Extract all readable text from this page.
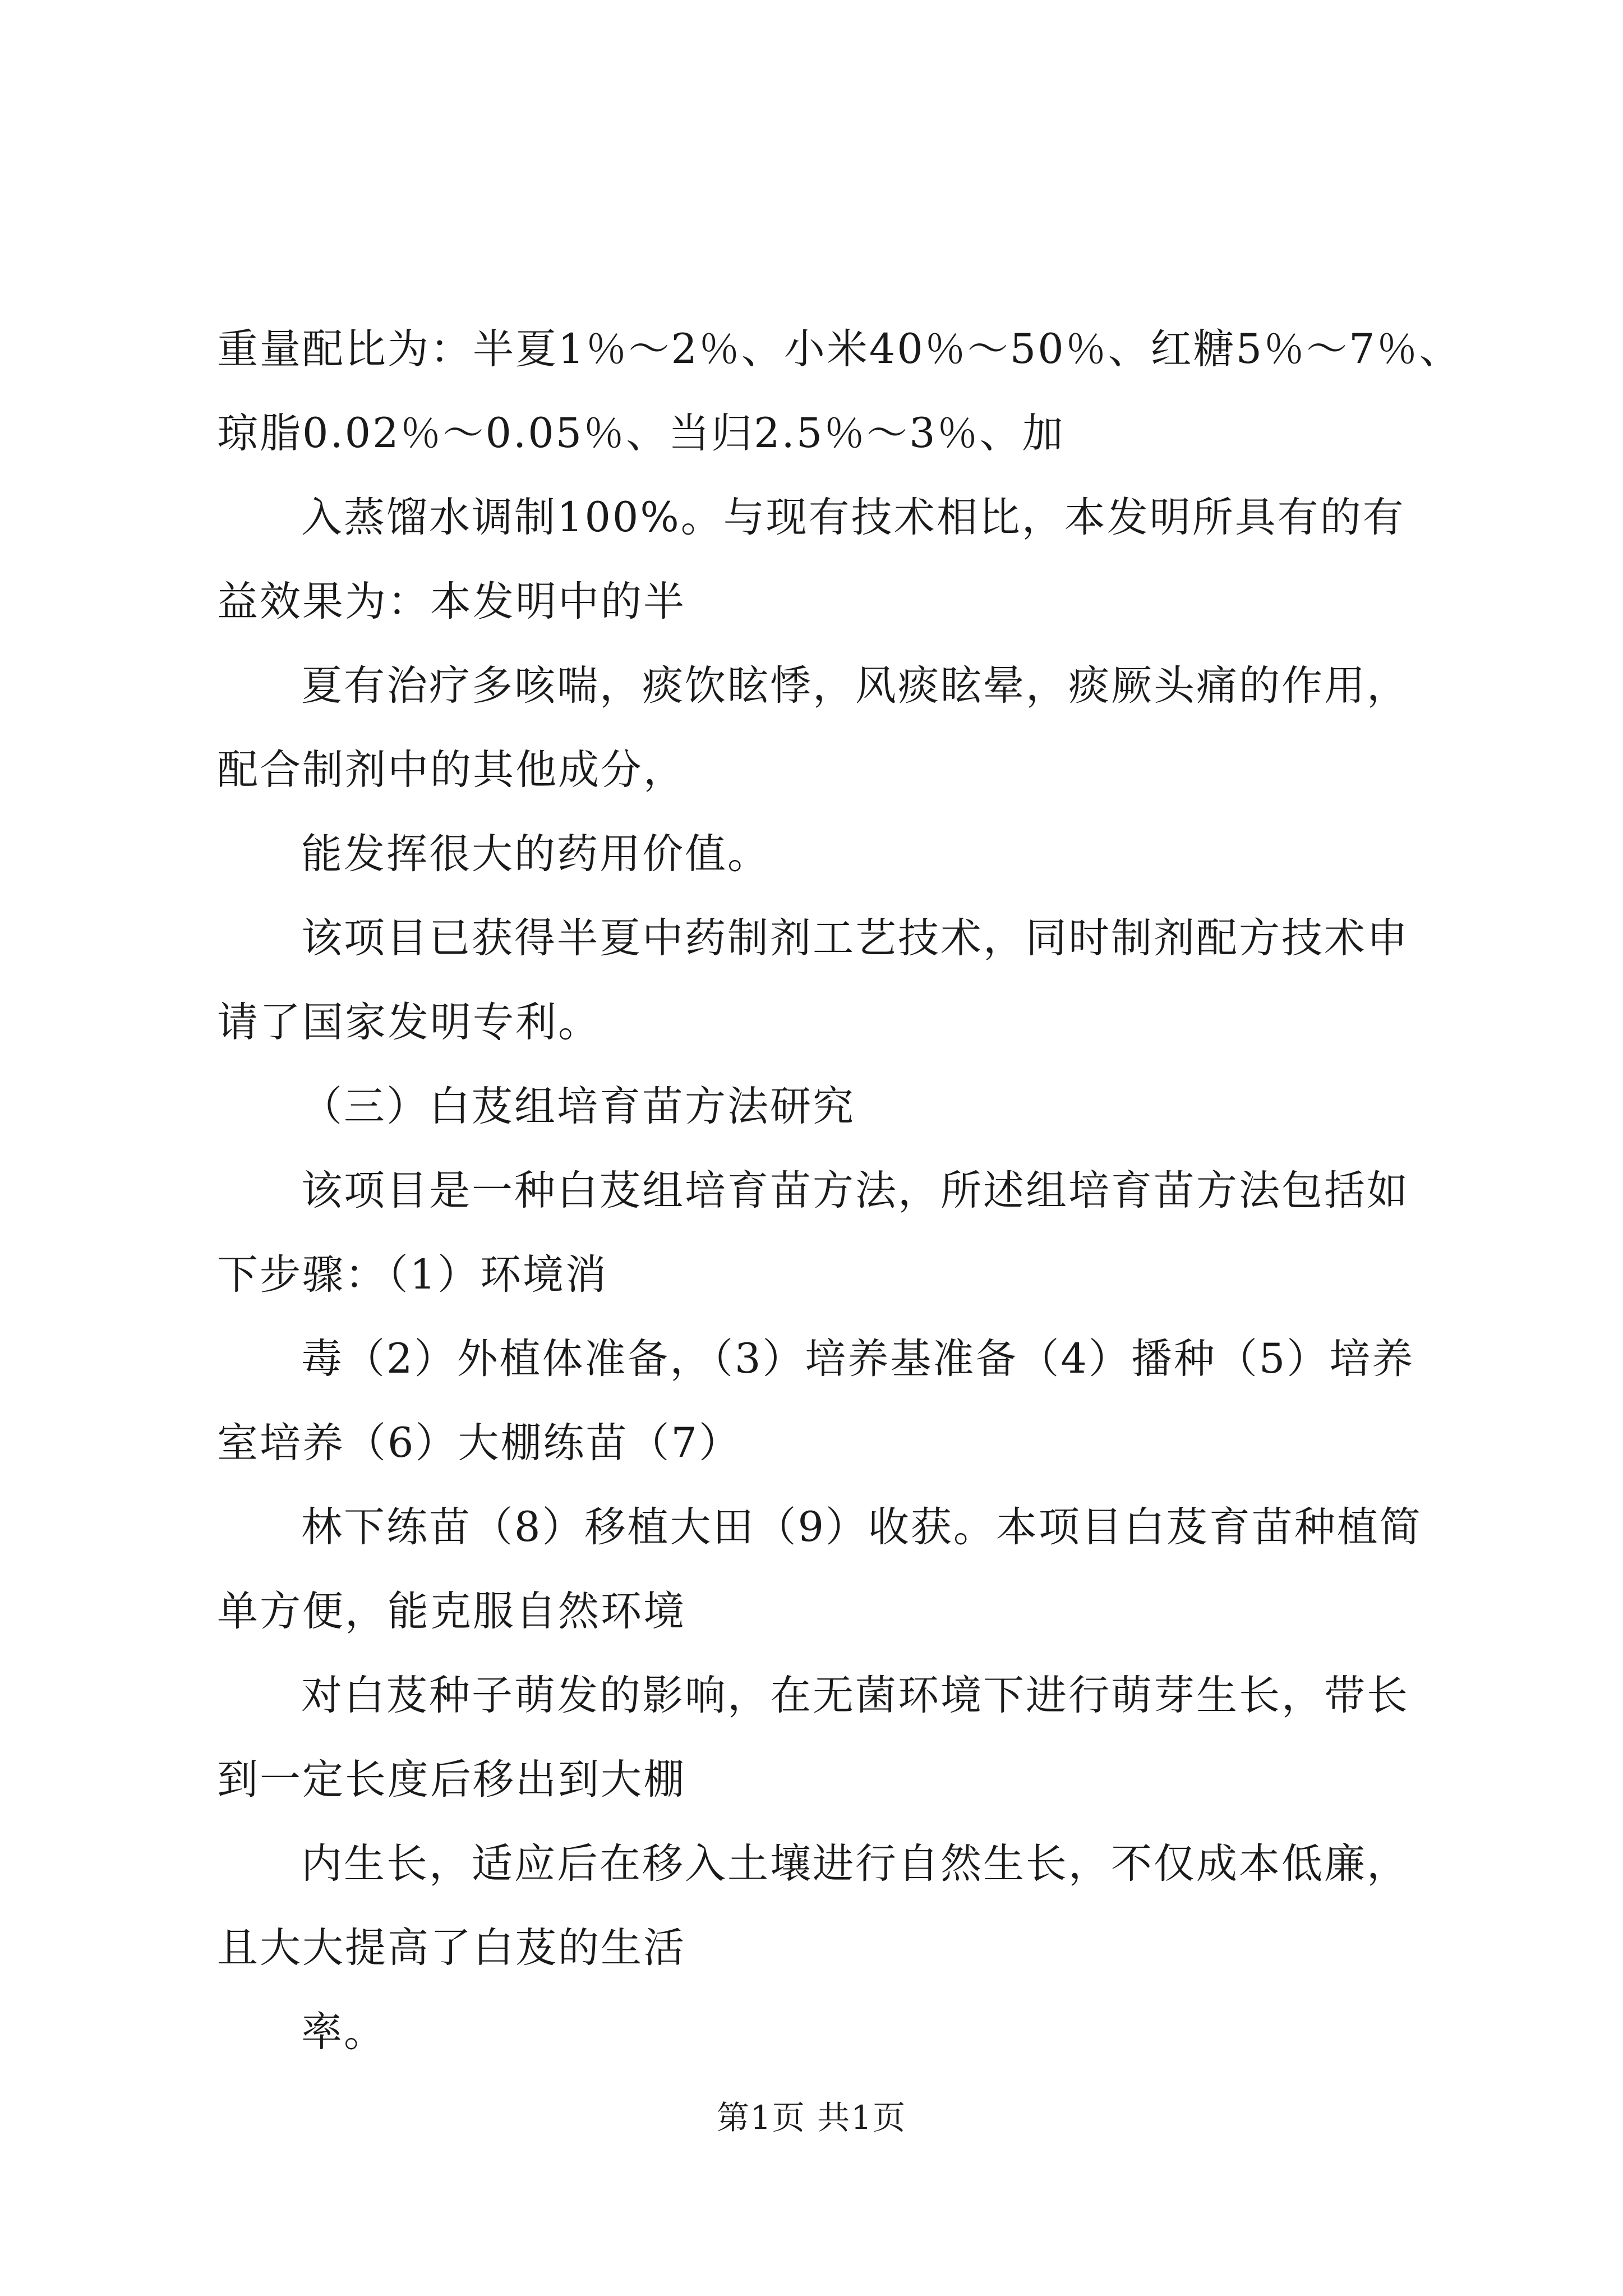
重量配比为：半夏1％～2％、小米40％～50％、红糖5％～7％、
琼脂0.02％～0.05％、当归2.5％～3％、加
入蒸馏水调制100%。与现有技术相比，本发明所具有的有
益效果为：本发明中的半
夏有治疗多咳喘，痰饮眩悸，风痰眩晕，痰厥头痛的作用，
配合制剂中的其他成分，
能发挥很大的药用价值。
该项目已获得半夏中药制剂工艺技术，同时制剂配方技术申
请了国家发明专利。
（三）白芨组培育苗方法研究
该项目是一种白芨组培育苗方法，所述组培育苗方法包括如
下步骤：（1）环境消
毒（2）外植体准备，（3）培养基准备（4）播种（5）培养
室培养（6）大棚练苗（7）
林下练苗（8）移植大田（9）收获。本项目白芨育苗种植简
单方便，能克服自然环境
对白芨种子萌发的影响，在无菌环境下进行萌芽生长，带长
到一定长度后移出到大棚
内生长，适应后在移入土壤进行自然生长，不仅成本低廉，
且大大提高了白芨的生活
率。
第1页 共1页
